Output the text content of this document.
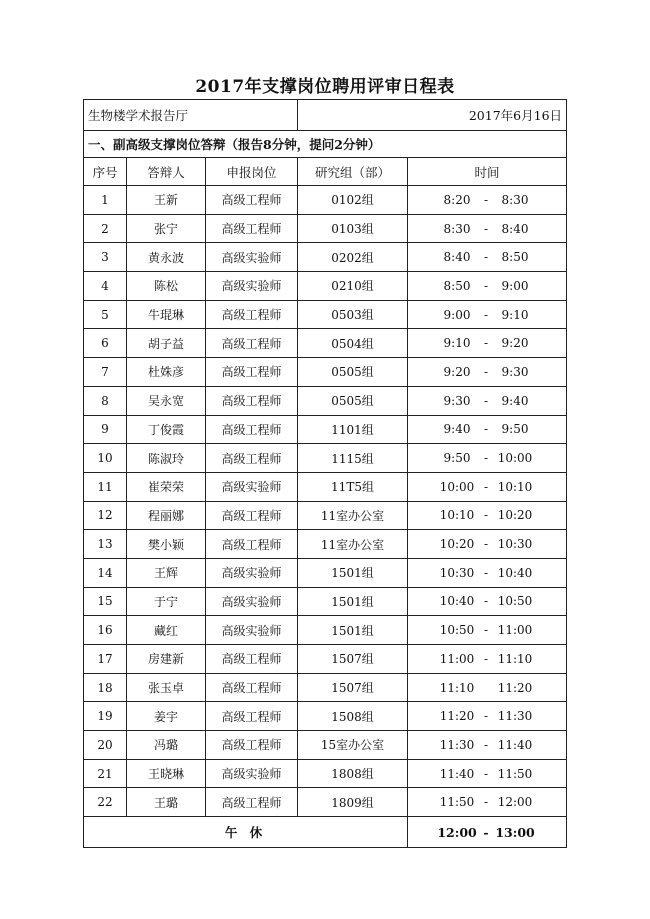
2017年支撑岗位聘用评审日程表
生物楼学术报告厅			2017年6月16日	
一、副高级支撑岗位答辩（报告8分钟，提问2分钟）				
序号	答辩人	申报岗位	研究组（部）	时间
1	王新	高级工程师	0102组	8:20 - 8:30

2	张宁	高级工程师	0103组	8:30 - 8:40

3	黄永波	高级实验师	0202组	8:40 - 8:50

4	陈松	高级实验师	0210组	8:50 - 9:00

5	牛琨琳	高级工程师	0503组	9:00 - 9:10

6	胡子益	高级工程师	0504组	9:10 - 9:20

7	杜姝彦	高级工程师	0505组	9:20 - 9:30

8	吴永宽	高级工程师	0505组	9:30 - 9:40

9	丁俊霞	高级工程师	1101组	9:40 - 9:50

10	陈淑玲	高级工程师	1115组	9:50 - 10:00

11	崔荣荣	高级实验师	11T5组	10:00 - 10:10

12	程丽娜	高级工程师	11室办公室	10:10 - 10:20

13	樊小颖	高级工程师	11室办公室	10:20 - 10:30

14	王辉	高级实验师	1501组	10:30 - 10:40

15	于宁	高级实验师	1501组	10:40 - 10:50

16	藏红	高级实验师	1501组	10:50 - 11:00

17	房建新	高级工程师	1507组	11:00 - 11:10

18	张玉卓	高级工程师	1507组	11:10 11:20

19	姜宇	高级工程师	1508组	11:20 - 11:30

20	冯璐	高级工程师	15室办公室	11:30 - 11:40

21	王晓琳	高级实验师	1808组	11:40 - 11:50

22	王璐	高级工程师	1809组	11:50 - 12:00

午 休				12:00 - 13:00
